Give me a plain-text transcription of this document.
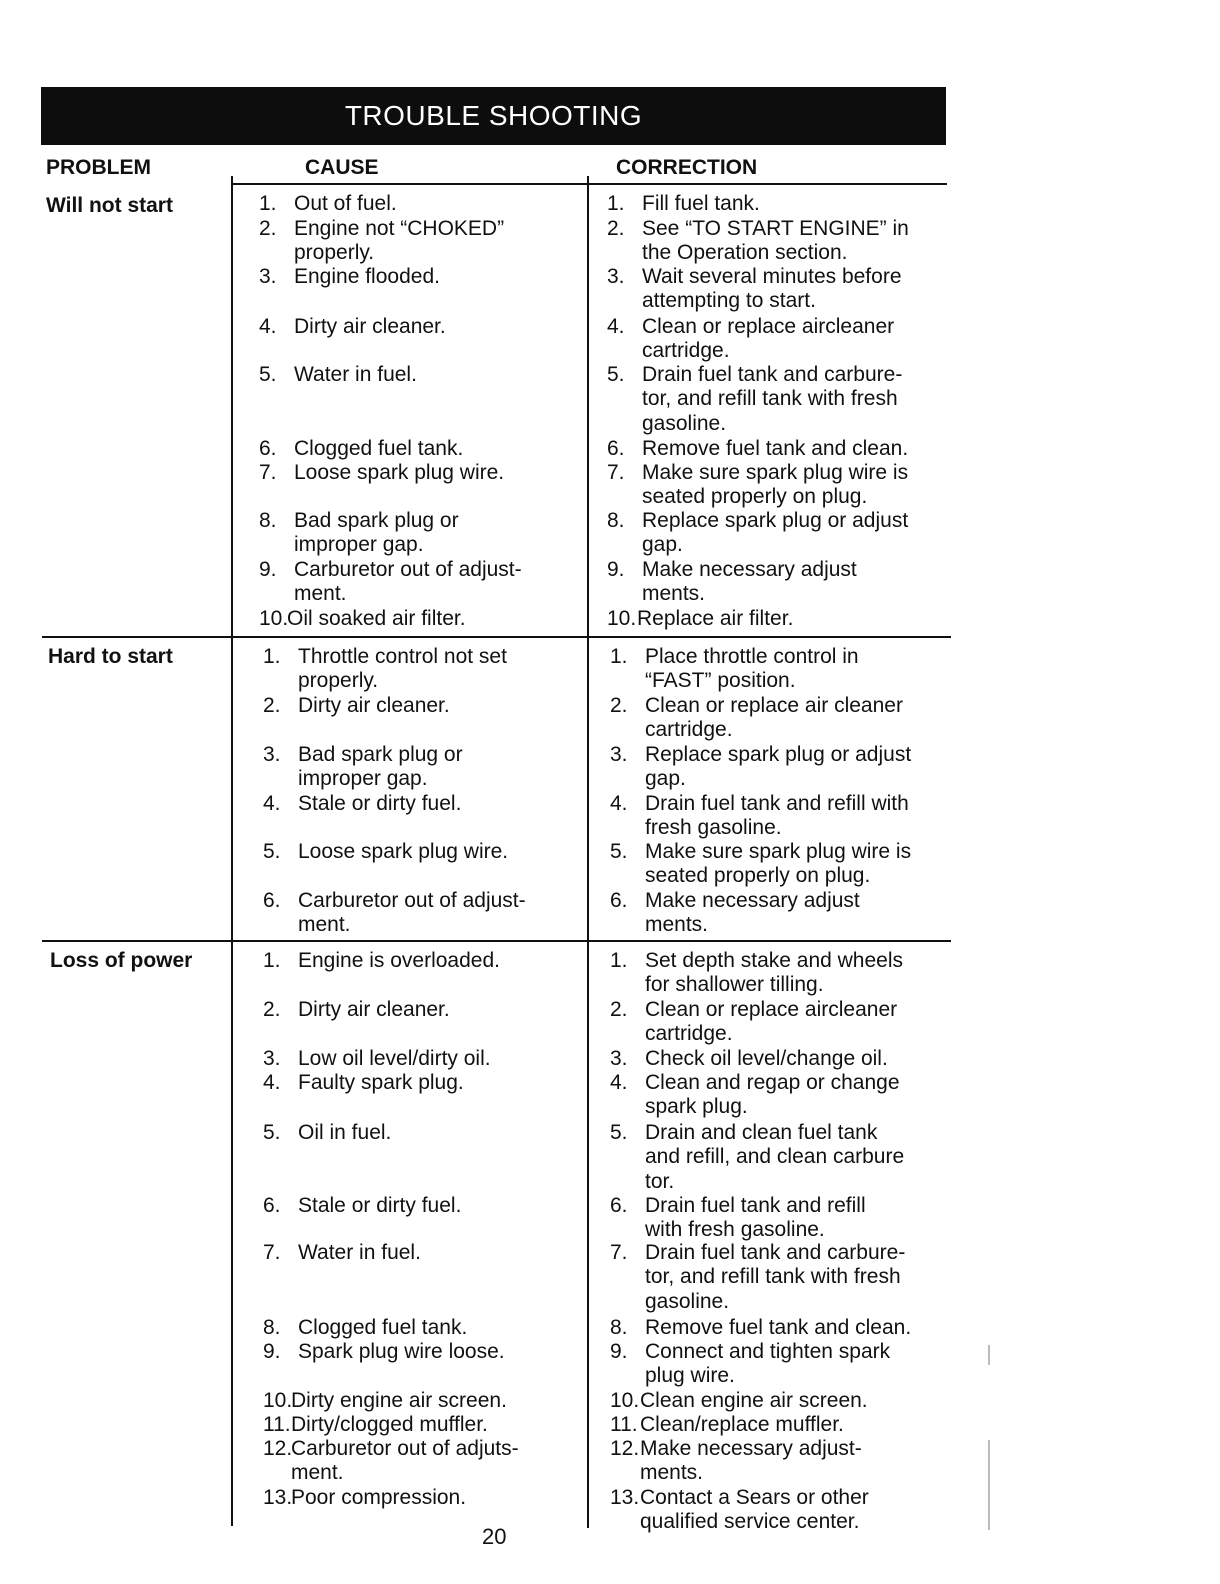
TROUBLE SHOOTING
PROBLEM	CAUSE	CORRECTION
Will not start
Hard to start
Loss of power
1. Out of fuel.
2. Engine not “CHOKED”
properly.
3. Engine flooded.
4. Dirty air cleaner.
5. Water in fuel.
6. Clogged fuel tank.
7. Loose spark plug wire.
8. Bad spark plug or
improper gap.
9. Carburetor out of adjust-
ment.
10.
Oil soaked air filter.
1. Fill fuel tank.
2. See “TO START ENGINE” in
the Operation section.
3. Wait several minutes before
attempting to start.
4. Clean or replace aircleaner
cartridge.
5. Drain fuel tank and carbure-
tor, and refill tank with fresh
gasoline.
6. Remove fuel tank and clean.
7. Make sure spark plug wire is
seated properly on plug.
8. Replace spark plug or adjust
gap.
9. Make necessary adjust
ments.
10. Replace air filter.
1. Throttle control not set
properly.
2. Dirty air cleaner.
3. Bad spark plug or
improper gap.
4. Stale or dirty fuel.
5. Loose spark plug wire.
6. Carburetor out of adjust-
ment.
1. Place throttle control in
“FAST” position.
2. Clean or replace air cleaner
cartridge.
3. Replace spark plug or adjust
gap.
4. Drain fuel tank and refill with
fresh gasoline.
5. Make sure spark plug wire is
seated properly on plug.
6. Make necessary adjust
ments.
1. Engine is overloaded.
2. Dirty air cleaner.
3. Low oil level/dirty oil.
4. Faulty spark plug.
5. Oil in fuel.
6. Stale or dirty fuel.
7. Water in fuel.
8. Clogged fuel tank.
9. Spark plug wire loose.
10.
Dirty engine air screen.
11. Dirty/clogged muffler.
12.
Carburetor out of adjuts-
ment.
13.
Poor compression.
1. Set depth stake and wheels
for shallower tilling.
2. Clean or replace aircleaner
cartridge.
3. Check oil level/change oil.
4. Clean and regap or change
spark plug.
5. Drain and clean fuel tank
and refill, and clean carbure
tor.
6. Drain fuel tank and refill
with fresh gasoline.
7. Drain fuel tank and carbure-
tor, and refill tank with fresh
gasoline.
8. Remove fuel tank and clean.
9. Connect and tighten spark
plug wire.
10. Clean engine air screen.
11. Clean/replace muffler.
12. Make necessary adjust-
ments.
13. Contact a Sears or other
qualified service center.
20
